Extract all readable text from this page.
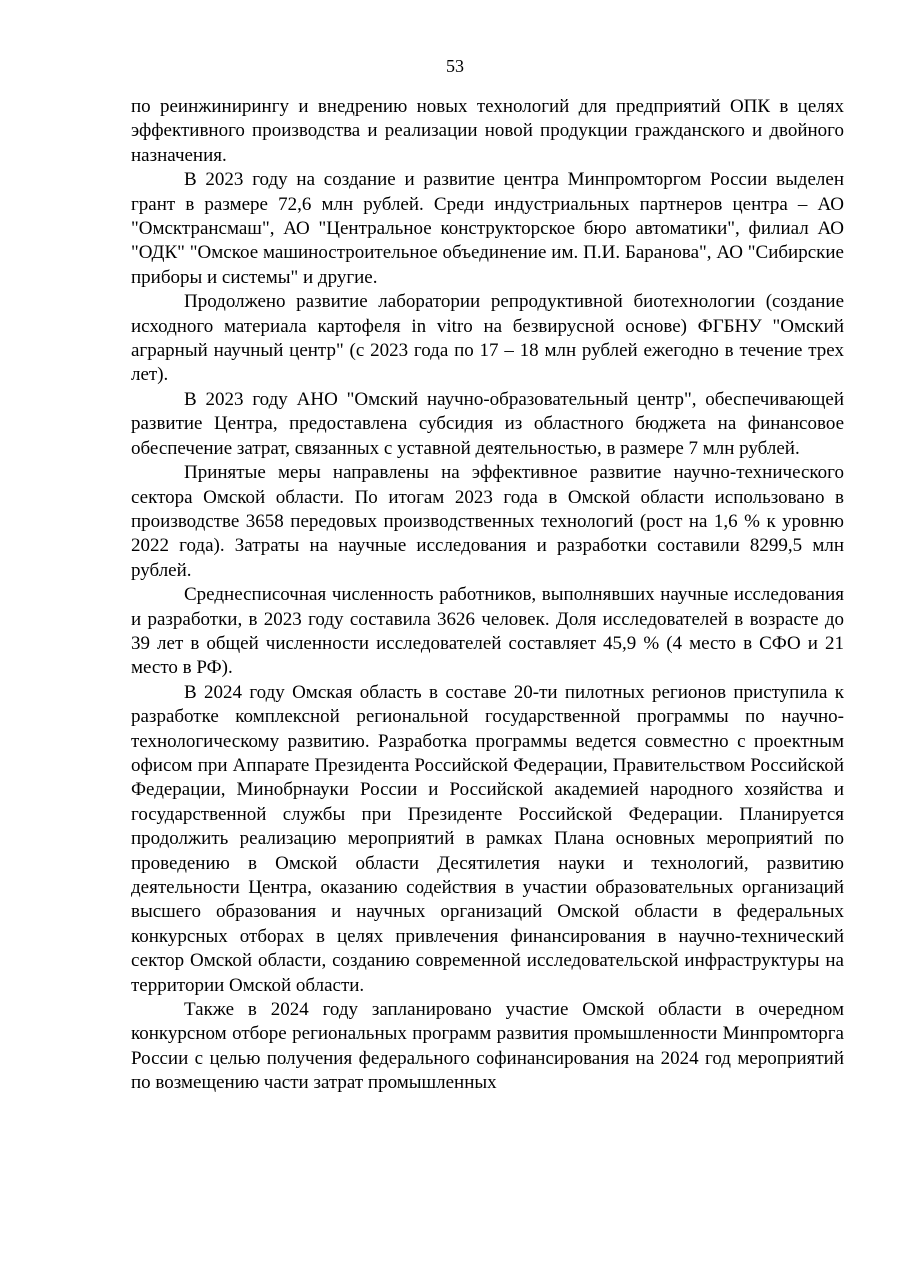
53

по реинжинирингу и внедрению новых технологий для предприятий ОПК в целях эффективного производства и реализации новой продукции гражданского и двойного назначения.

В 2023 году на создание и развитие центра Минпромторгом России выделен грант в размере 72,6 млн рублей. Среди индустриальных партнеров центра – АО "Омсктрансмаш", АО "Центральное конструкторское бюро автоматики", филиал АО "ОДК" "Омское машиностроительное объединение им. П.И. Баранова", АО "Сибирские приборы и системы" и другие.

Продолжено развитие лаборатории репродуктивной биотехнологии (создание исходного материала картофеля in vitro на безвирусной основе) ФГБНУ "Омский аграрный научный центр" (с 2023 года по 17 – 18 млн рублей ежегодно в течение трех лет).

В 2023 году АНО "Омский научно-образовательный центр", обеспечивающей развитие Центра, предоставлена субсидия из областного бюджета на финансовое обеспечение затрат, связанных с уставной деятельностью, в размере 7 млн рублей.

Принятые меры направлены на эффективное развитие научно-технического сектора Омской области. По итогам 2023 года в Омской области использовано в производстве 3658 передовых производственных технологий (рост на 1,6 % к уровню 2022 года). Затраты на научные исследования и разработки составили 8299,5 млн рублей.

Среднесписочная численность работников, выполнявших научные исследования и разработки, в 2023 году составила 3626 человек. Доля исследователей в возрасте до 39 лет в общей численности исследователей составляет 45,9 % (4 место в СФО и 21 место в РФ).

В 2024 году Омская область в составе 20-ти пилотных регионов приступила к разработке комплексной региональной государственной программы по научно-технологическому развитию. Разработка программы ведется совместно с проектным офисом при Аппарате Президента Российской Федерации, Правительством Российской Федерации, Минобрнауки России и Российской академией народного хозяйства и государственной службы при Президенте Российской Федерации. Планируется продолжить реализацию мероприятий в рамках Плана основных мероприятий по проведению в Омской области Десятилетия науки и технологий, развитию деятельности Центра, оказанию содействия в участии образовательных организаций высшего образования и научных организаций Омской области в федеральных конкурсных отборах в целях привлечения финансирования в научно-технический сектор Омской области, созданию современной исследовательской инфраструктуры на территории Омской области.

Также в 2024 году запланировано участие Омской области в очередном конкурсном отборе региональных программ развития промышленности Минпромторга России с целью получения федерального софинансирования на 2024 год мероприятий по возмещению части затрат промышленных
